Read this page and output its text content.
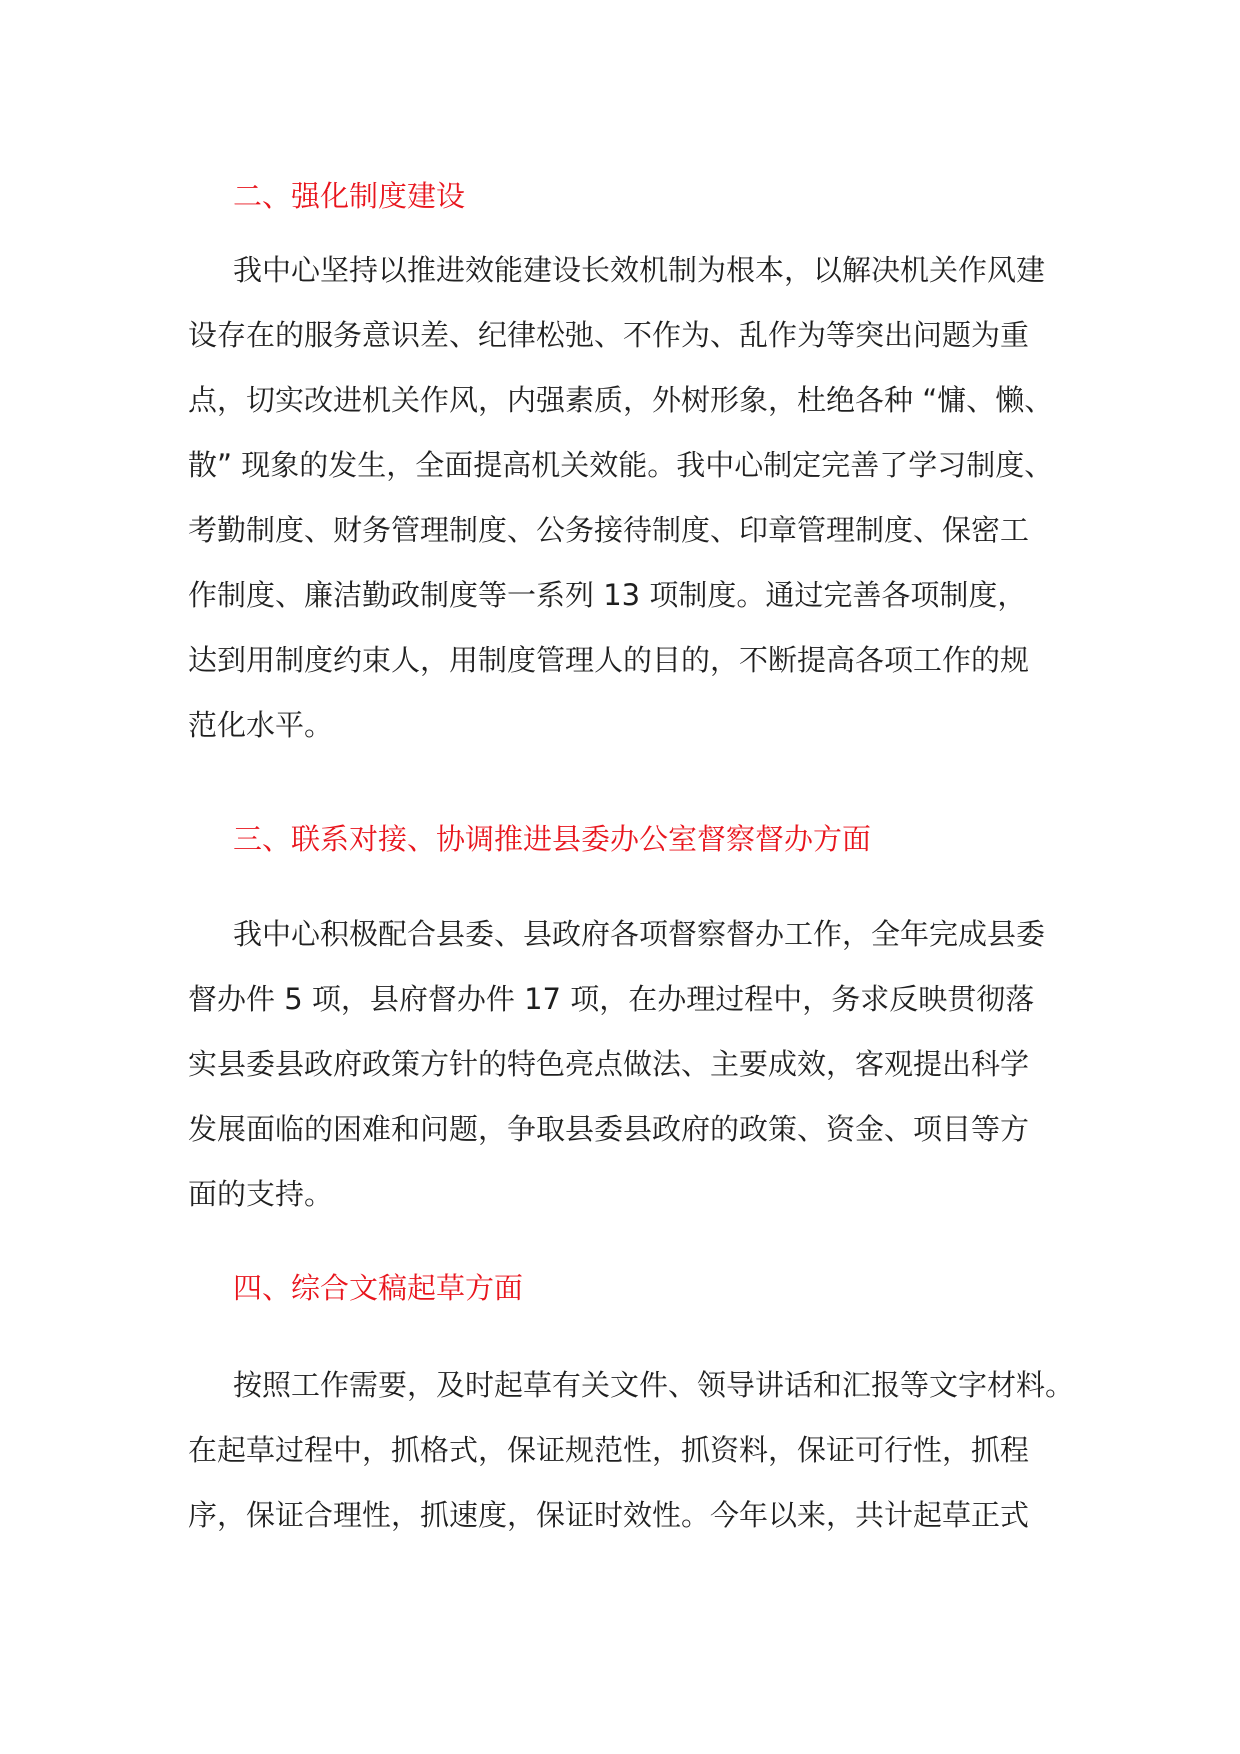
二、强化制度建设
我中心坚持以推进效能建设长效机制为根本，以解决机关作风建
设存在的服务意识差、纪律松弛、不作为、乱作为等突出问题为重
点，切实改进机关作风，内强素质，外树形象，杜绝各种 “慵、懒、
散” 现象的发生，全面提高机关效能。我中心制定完善了学习制度、
考勤制度、财务管理制度、公务接待制度、印章管理制度、保密工
作制度、廉洁勤政制度等一系列 13 项制度。通过完善各项制度，
达到用制度约束人，用制度管理人的目的，不断提高各项工作的规
范化水平。
三、联系对接、协调推进县委办公室督察督办方面
我中心积极配合县委、县政府各项督察督办工作，全年完成县委
督办件 5 项，县府督办件 17 项，在办理过程中，务求反映贯彻落
实县委县政府政策方针的特色亮点做法、主要成效，客观提出科学
发展面临的困难和问题，争取县委县政府的政策、资金、项目等方
面的支持。
四、综合文稿起草方面
按照工作需要，及时起草有关文件、领导讲话和汇报等文字材料。
在起草过程中，抓格式，保证规范性，抓资料，保证可行性，抓程
序，保证合理性，抓速度，保证时效性。今年以来，共计起草正式
